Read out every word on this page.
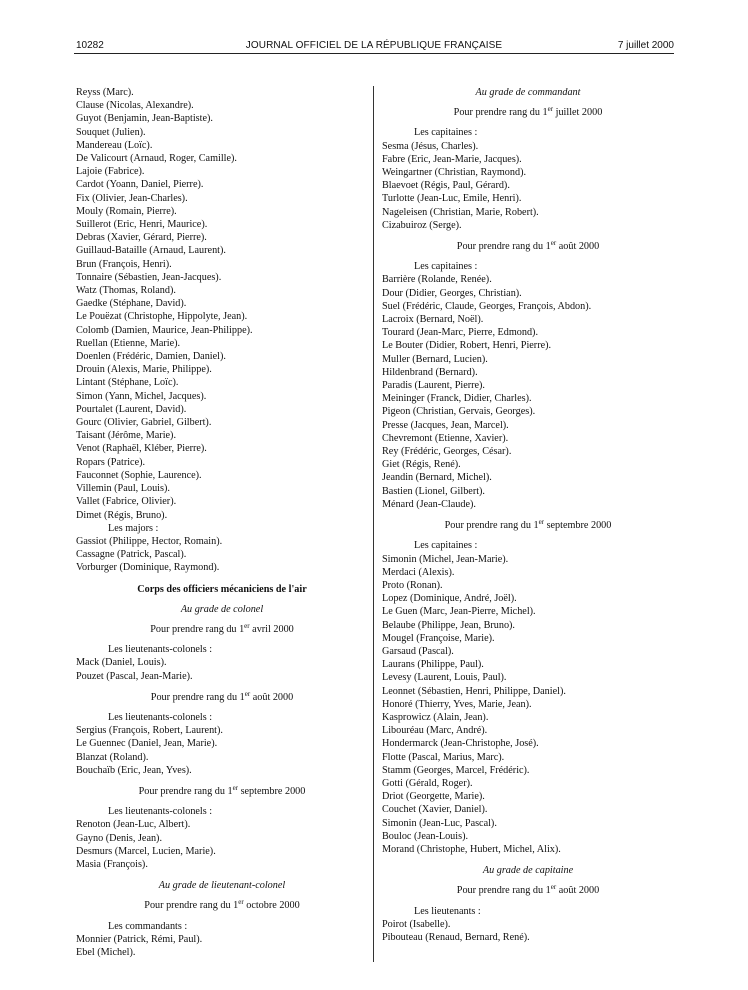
10282	JOURNAL OFFICIEL DE LA RÉPUBLIQUE FRANÇAISE	7 juillet 2000
Reyss (Marc).
Clause (Nicolas, Alexandre).
Guyot (Benjamin, Jean-Baptiste).
Souquet (Julien).
Mandereau (Loïc).
De Valicourt (Arnaud, Roger, Camille).
Lajoie (Fabrice).
Cardot (Yoann, Daniel, Pierre).
Fix (Olivier, Jean-Charles).
Mouly (Romain, Pierre).
Suillerot (Eric, Henri, Maurice).
Debras (Xavier, Gérard, Pierre).
Guillaud-Bataille (Arnaud, Laurent).
Brun (François, Henri).
Tonnaire (Sébastien, Jean-Jacques).
Watz (Thomas, Roland).
Gaedke (Stéphane, David).
Le Pouëzat (Christophe, Hippolyte, Jean).
Colomb (Damien, Maurice, Jean-Philippe).
Ruellan (Etienne, Marie).
Doenlen (Frédéric, Damien, Daniel).
Drouin (Alexis, Marie, Philippe).
Lintant (Stéphane, Loïc).
Simon (Yann, Michel, Jacques).
Pourtalet (Laurent, David).
Gourc (Olivier, Gabriel, Gilbert).
Taisant (Jérôme, Marie).
Venot (Raphaël, Kléber, Pierre).
Ropars (Patrice).
Fauconnet (Sophie, Laurence).
Villemin (Paul, Louis).
Vallet (Fabrice, Olivier).
Dimet (Régis, Bruno).
Les majors :
Gassiot (Philippe, Hector, Romain).
Cassagne (Patrick, Pascal).
Vorburger (Dominique, Raymond).
Corps des officiers mécaniciens de l'air
Au grade de colonel
Pour prendre rang du 1er avril 2000
Les lieutenants-colonels :
Mack (Daniel, Louis).
Pouzet (Pascal, Jean-Marie).
Pour prendre rang du 1er août 2000
Les lieutenants-colonels :
Sergius (François, Robert, Laurent).
Le Guennec (Daniel, Jean, Marie).
Blanzat (Roland).
Bouchaïb (Eric, Jean, Yves).
Pour prendre rang du 1er septembre 2000
Les lieutenants-colonels :
Renoton (Jean-Luc, Albert).
Gayno (Denis, Jean).
Desmurs (Marcel, Lucien, Marie).
Masia (François).
Au grade de lieutenant-colonel
Pour prendre rang du 1er octobre 2000
Les commandants :
Monnier (Patrick, Rémi, Paul).
Ebel (Michel).
Au grade de commandant
Pour prendre rang du 1er juillet 2000
Les capitaines :
Sesma (Jésus, Charles).
Fabre (Eric, Jean-Marie, Jacques).
Weingartner (Christian, Raymond).
Blaevoet (Régis, Paul, Gérard).
Turlotte (Jean-Luc, Emile, Henri).
Nageleisen (Christian, Marie, Robert).
Cizabuiroz (Serge).
Pour prendre rang du 1er août 2000
Les capitaines :
Barrière (Rolande, Renée).
Dour (Didier, Georges, Christian).
Suel (Frédéric, Claude, Georges, François, Abdon).
Lacroix (Bernard, Noël).
Tourard (Jean-Marc, Pierre, Edmond).
Le Bouter (Didier, Robert, Henri, Pierre).
Muller (Bernard, Lucien).
Hildenbrand (Bernard).
Paradis (Laurent, Pierre).
Meininger (Franck, Didier, Charles).
Pigeon (Christian, Gervais, Georges).
Presse (Jacques, Jean, Marcel).
Chevremont (Etienne, Xavier).
Rey (Frédéric, Georges, César).
Giet (Régis, René).
Jeandin (Bernard, Michel).
Bastien (Lionel, Gilbert).
Ménard (Jean-Claude).
Pour prendre rang du 1er septembre 2000
Les capitaines :
Simonin (Michel, Jean-Marie).
Merdaci (Alexis).
Proto (Ronan).
Lopez (Dominique, André, Joël).
Le Guen (Marc, Jean-Pierre, Michel).
Belaube (Philippe, Jean, Bruno).
Mougel (Françoise, Marie).
Garsaud (Pascal).
Laurans (Philippe, Paul).
Levesy (Laurent, Louis, Paul).
Leonnet (Sébastien, Henri, Philippe, Daniel).
Honoré (Thierry, Yves, Marie, Jean).
Kasprowicz (Alain, Jean).
Libouréau (Marc, André).
Hondermarck (Jean-Christophe, José).
Flotte (Pascal, Marius, Marc).
Stamm (Georges, Marcel, Frédéric).
Gotti (Gérald, Roger).
Driot (Georgette, Marie).
Couchet (Xavier, Daniel).
Simonin (Jean-Luc, Pascal).
Bouloc (Jean-Louis).
Morand (Christophe, Hubert, Michel, Alix).
Au grade de capitaine
Pour prendre rang du 1er août 2000
Les lieutenants :
Poirot (Isabelle).
Pibouteau (Renaud, Bernard, René).
